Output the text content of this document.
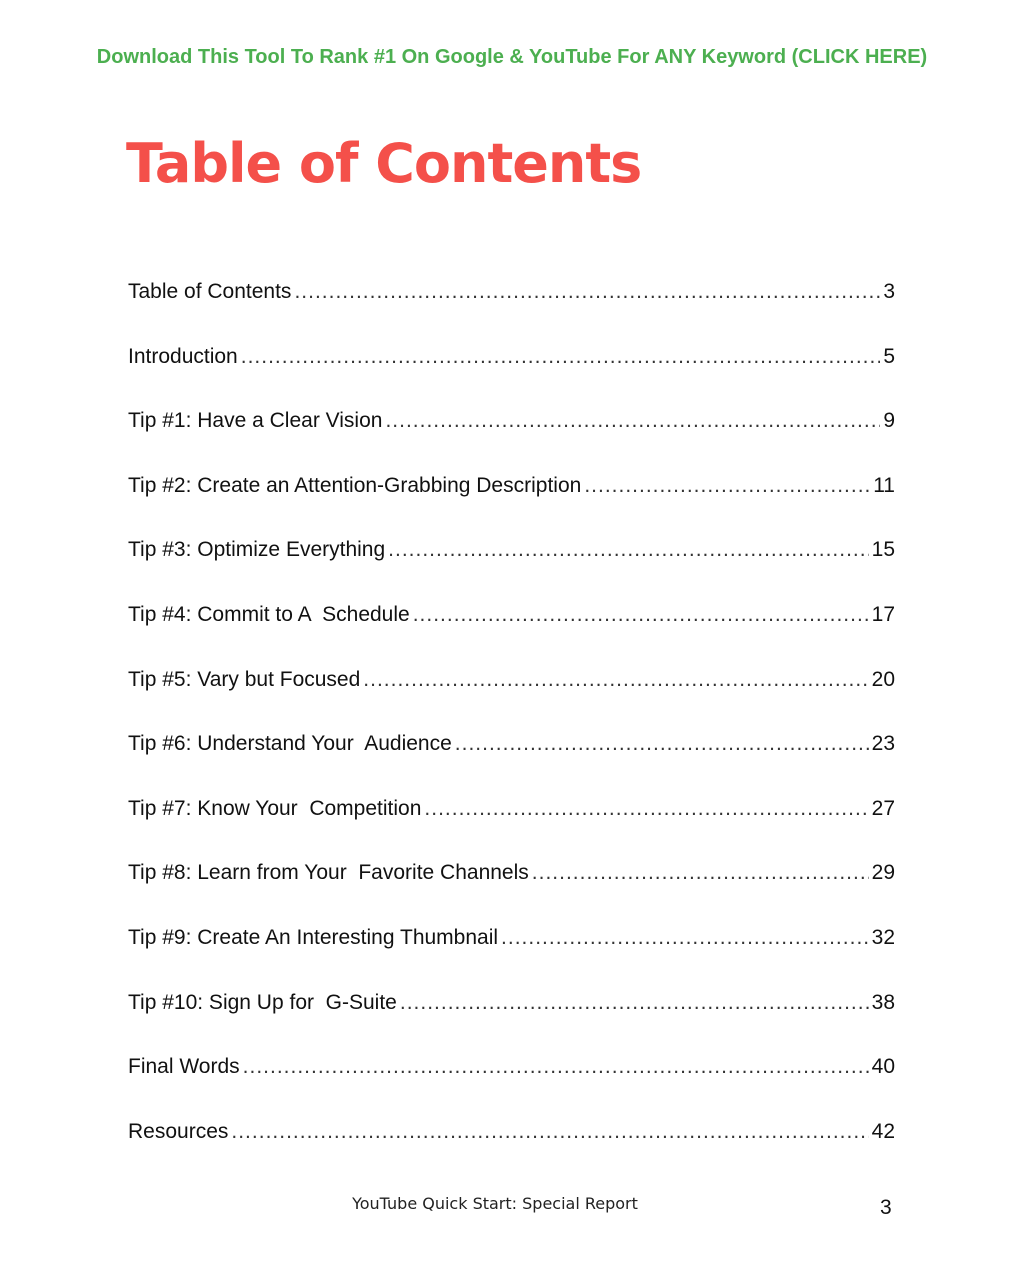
Download This Tool To Rank #1 On Google & YouTube For ANY Keyword (CLICK HERE)
Table of Contents
Table of Contents .....	3
Introduction .....	5
Tip #1: Have a Clear Vision .....	9
Tip #2: Create an Attention-Grabbing Description .....	11
Tip #3: Optimize Everything .....	15
Tip #4: Commit to A  Schedule .....	17
Tip #5: Vary but Focused .....	20
Tip #6: Understand Your  Audience .....	23
Tip #7: Know Your  Competition .....	27
Tip #8: Learn from Your  Favorite Channels .....	29
Tip #9: Create An Interesting Thumbnail .....	32
Tip #10: Sign Up for  G-Suite .....	38
Final Words .....	40
Resources .....	42
YouTube Quick Start: Special Report	3
